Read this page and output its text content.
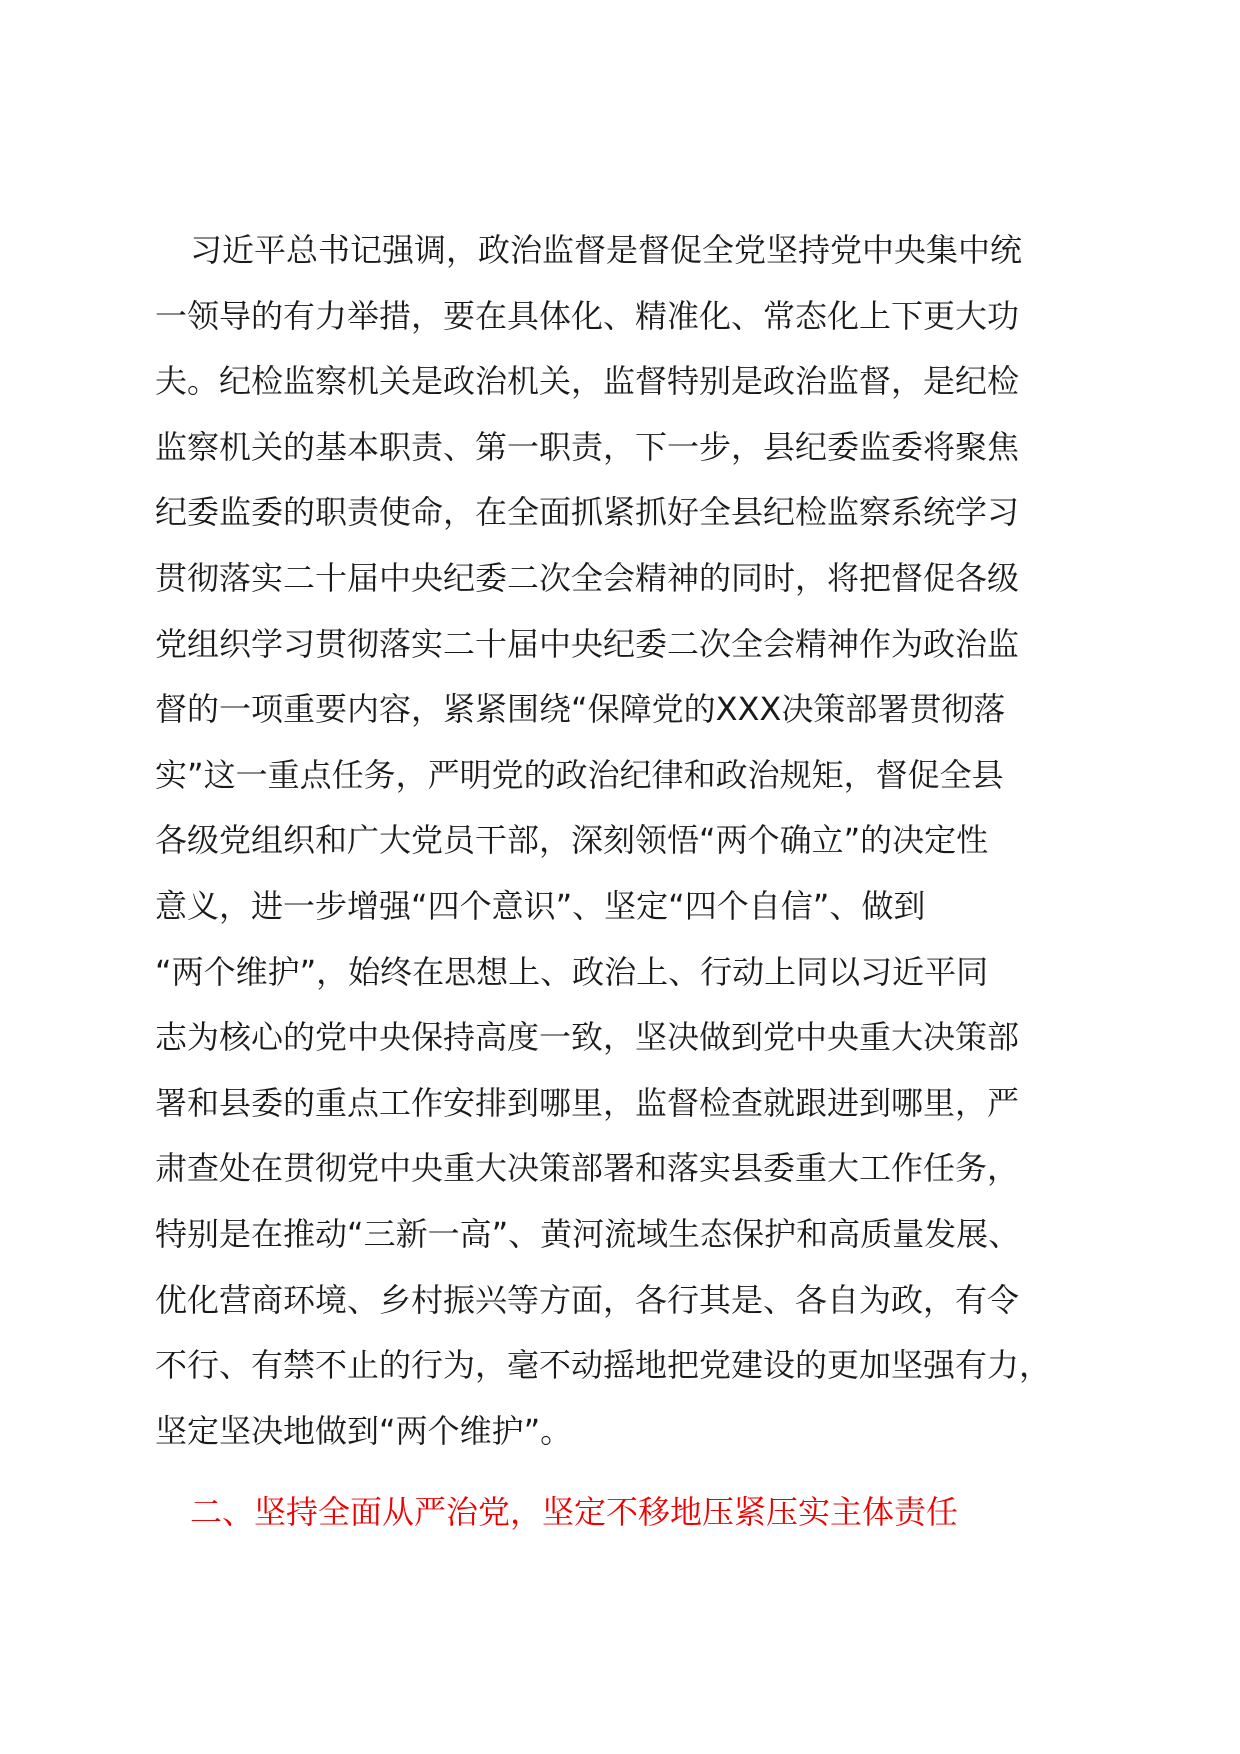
习近平总书记强调，政治监督是督促全党坚持党中央集中统
一领导的有力举措，要在具体化、精准化、常态化上下更大功
夫。纪检监察机关是政治机关，监督特别是政治监督，是纪检
监察机关的基本职责、第一职责，下一步，县纪委监委将聚焦
纪委监委的职责使命，在全面抓紧抓好全县纪检监察系统学习
贯彻落实二十届中央纪委二次全会精神的同时，将把督促各级
党组织学习贯彻落实二十届中央纪委二次全会精神作为政治监
督的一项重要内容，紧紧围绕“保障党的XXX决策部署贯彻落
实”这一重点任务，严明党的政治纪律和政治规矩，督促全县
各级党组织和广大党员干部，深刻领悟“两个确立”的决定性
意义，进一步增强“四个意识”、坚定“四个自信”、做到
“两个维护”，始终在思想上、政治上、行动上同以习近平同
志为核心的党中央保持高度一致，坚决做到党中央重大决策部
署和县委的重点工作安排到哪里，监督检查就跟进到哪里，严
肃查处在贯彻党中央重大决策部署和落实县委重大工作任务，
特别是在推动“三新一高”、黄河流域生态保护和高质量发展、
优化营商环境、乡村振兴等方面，各行其是、各自为政，有令
不行、有禁不止的行为，毫不动摇地把党建设的更加坚强有力，
坚定坚决地做到“两个维护”。
二、坚持全面从严治党，坚定不移地压紧压实主体责任
